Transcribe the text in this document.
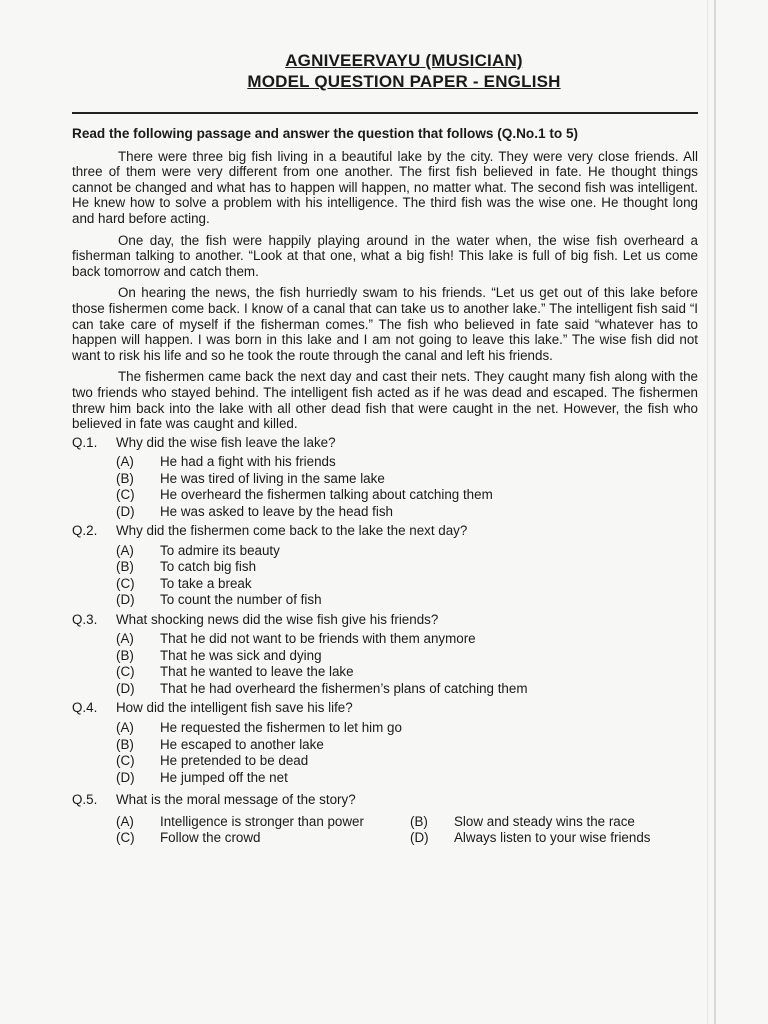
AGNIVEERVAYU (MUSICIAN)
MODEL QUESTION PAPER - ENGLISH
Read the following passage and answer the question that follows (Q.No.1 to 5)

There were three big fish living in a beautiful lake by the city. They were very close friends. All three of them were very different from one another. The first fish believed in fate. He thought things cannot be changed and what has to happen will happen, no matter what. The second fish was intelligent. He knew how to solve a problem with his intelligence. The third fish was the wise one. He thought long and hard before acting.

One day, the fish were happily playing around in the water when, the wise fish overheard a fisherman talking to another. “Look at that one, what a big fish! This lake is full of big fish. Let us come back tomorrow and catch them.

On hearing the news, the fish hurriedly swam to his friends. “Let us get out of this lake before those fishermen come back. I know of a canal that can take us to another lake.” The intelligent fish said “I can take care of myself if the fisherman comes.” The fish who believed in fate said “whatever has to happen will happen. I was born in this lake and I am not going to leave this lake.” The wise fish did not want to risk his life and so he took the route through the canal and left his friends.

The fishermen came back the next day and cast their nets. They caught many fish along with the two friends who stayed behind. The intelligent fish acted as if he was dead and escaped. The fishermen threw him back into the lake with all other dead fish that were caught in the net. However, the fish who believed in fate was caught and killed.

Q.1.	Why did the wise fish leave the lake?
(A)	He had a fight with his friends
(B)	He was tired of living in the same lake
(C)	He overheard the fishermen talking about catching them
(D)	He was asked to leave by the head fish
Q.2.	Why did the fishermen come back to the lake the next day?
(A)	To admire its beauty
(B)	To catch big fish
(C)	To take a break
(D)	To count the number of fish
Q.3.	What shocking news did the wise fish give his friends?
(A)	That he did not want to be friends with them anymore
(B)	That he was sick and dying
(C)	That he wanted to leave the lake
(D)	That he had overheard the fishermen’s plans of catching them
Q.4.	How did the intelligent fish save his life?
(A)	He requested the fishermen to let him go
(B)	He escaped to another lake
(C)	He pretended to be dead
(D)	He jumped off the net
Q.5.	What is the moral message of the story?
(A)	Intelligence is stronger than power	(B)	Slow and steady wins the race
(C)	Follow the crowd	(D)	Always listen to your wise friends
